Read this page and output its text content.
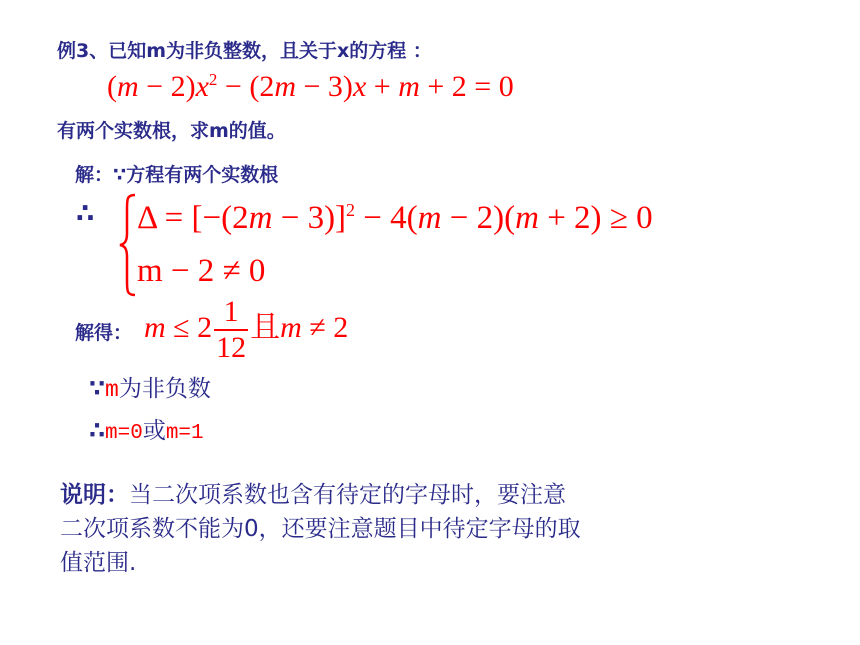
例3、已知m为非负整数，且关于x的方程 ：
$(m - 2)x^2 - (2m - 3)x + m + 2 = 0$
有两个实数根，求m的值。
解：∵方程有两个实数根
∴ $\Delta = [-(2m - 3)]^2 - 4(m - 2)(m + 2) \ge 0$
m − 2 ≠ 0
解得： $m \le 2 \frac{1}{12}$ 且m ≠ 2
∵m为非负数
∴m=0或m=1
说明：当二次项系数也含有待定的字母时，要注意
二次项系数不能为0，还要注意题目中待定字母的取
值范围.
